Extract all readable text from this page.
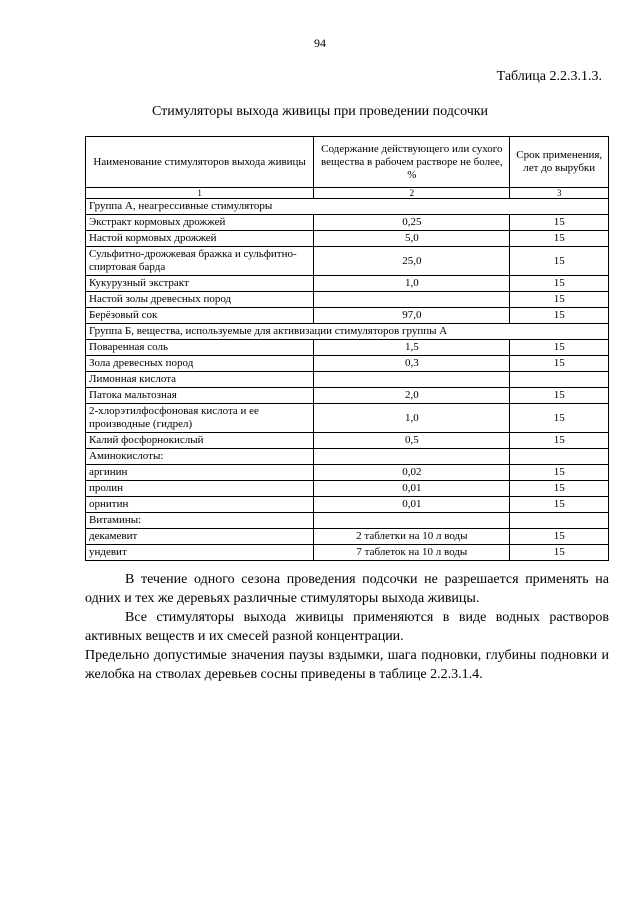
94
Таблица 2.2.3.1.3.
Стимуляторы выхода живицы при проведении подсочки
Наименование стимуляторов выхода живицы	Содержание действующего или сухого вещества в рабочем растворе не более, %	Срок применения, лет до вырубки
1	2	3
Группа А, неагрессивные стимуляторы		
Экстракт кормовых дрожжей	0,25	15
Настой кормовых дрожжей	5,0	15
Сульфитно-дрожжевая бражка и сульфитно-спиртовая барда	25,0	15
Кукурузный экстракт	1,0	15
Настой золы древесных пород		15
Берёзовый сок	97,0	15
Группа Б, вещества, используемые для активизации стимуляторов группы А		
Поваренная соль	1,5	15
Зола древесных пород	0,3	15
Лимонная кислота		
Патока мальтозная	2,0	15
2-хлорэтилфосфоновая кислота и ее производные (гидрел)	1,0	15
Калий фосфорнокислый	0,5	15
Аминокислоты:		
аргинин	0,02	15
пролин	0,01	15
орнитин	0,01	15
Витамины:		
декамевит	2 таблетки на 10 л воды	15
ундевит	7 таблеток на 10 л воды	15

В течение одного сезона проведения подсочки не разрешается применять на одних и тех же деревьях различные стимуляторы выхода живицы.

Все стимуляторы выхода живицы применяются в виде водных растворов активных веществ и их смесей разной концентрации.

Предельно допустимые значения паузы вздымки, шага подновки, глубины подновки и желобка на стволах деревьев сосны приведены в таблице 2.2.3.1.4.
